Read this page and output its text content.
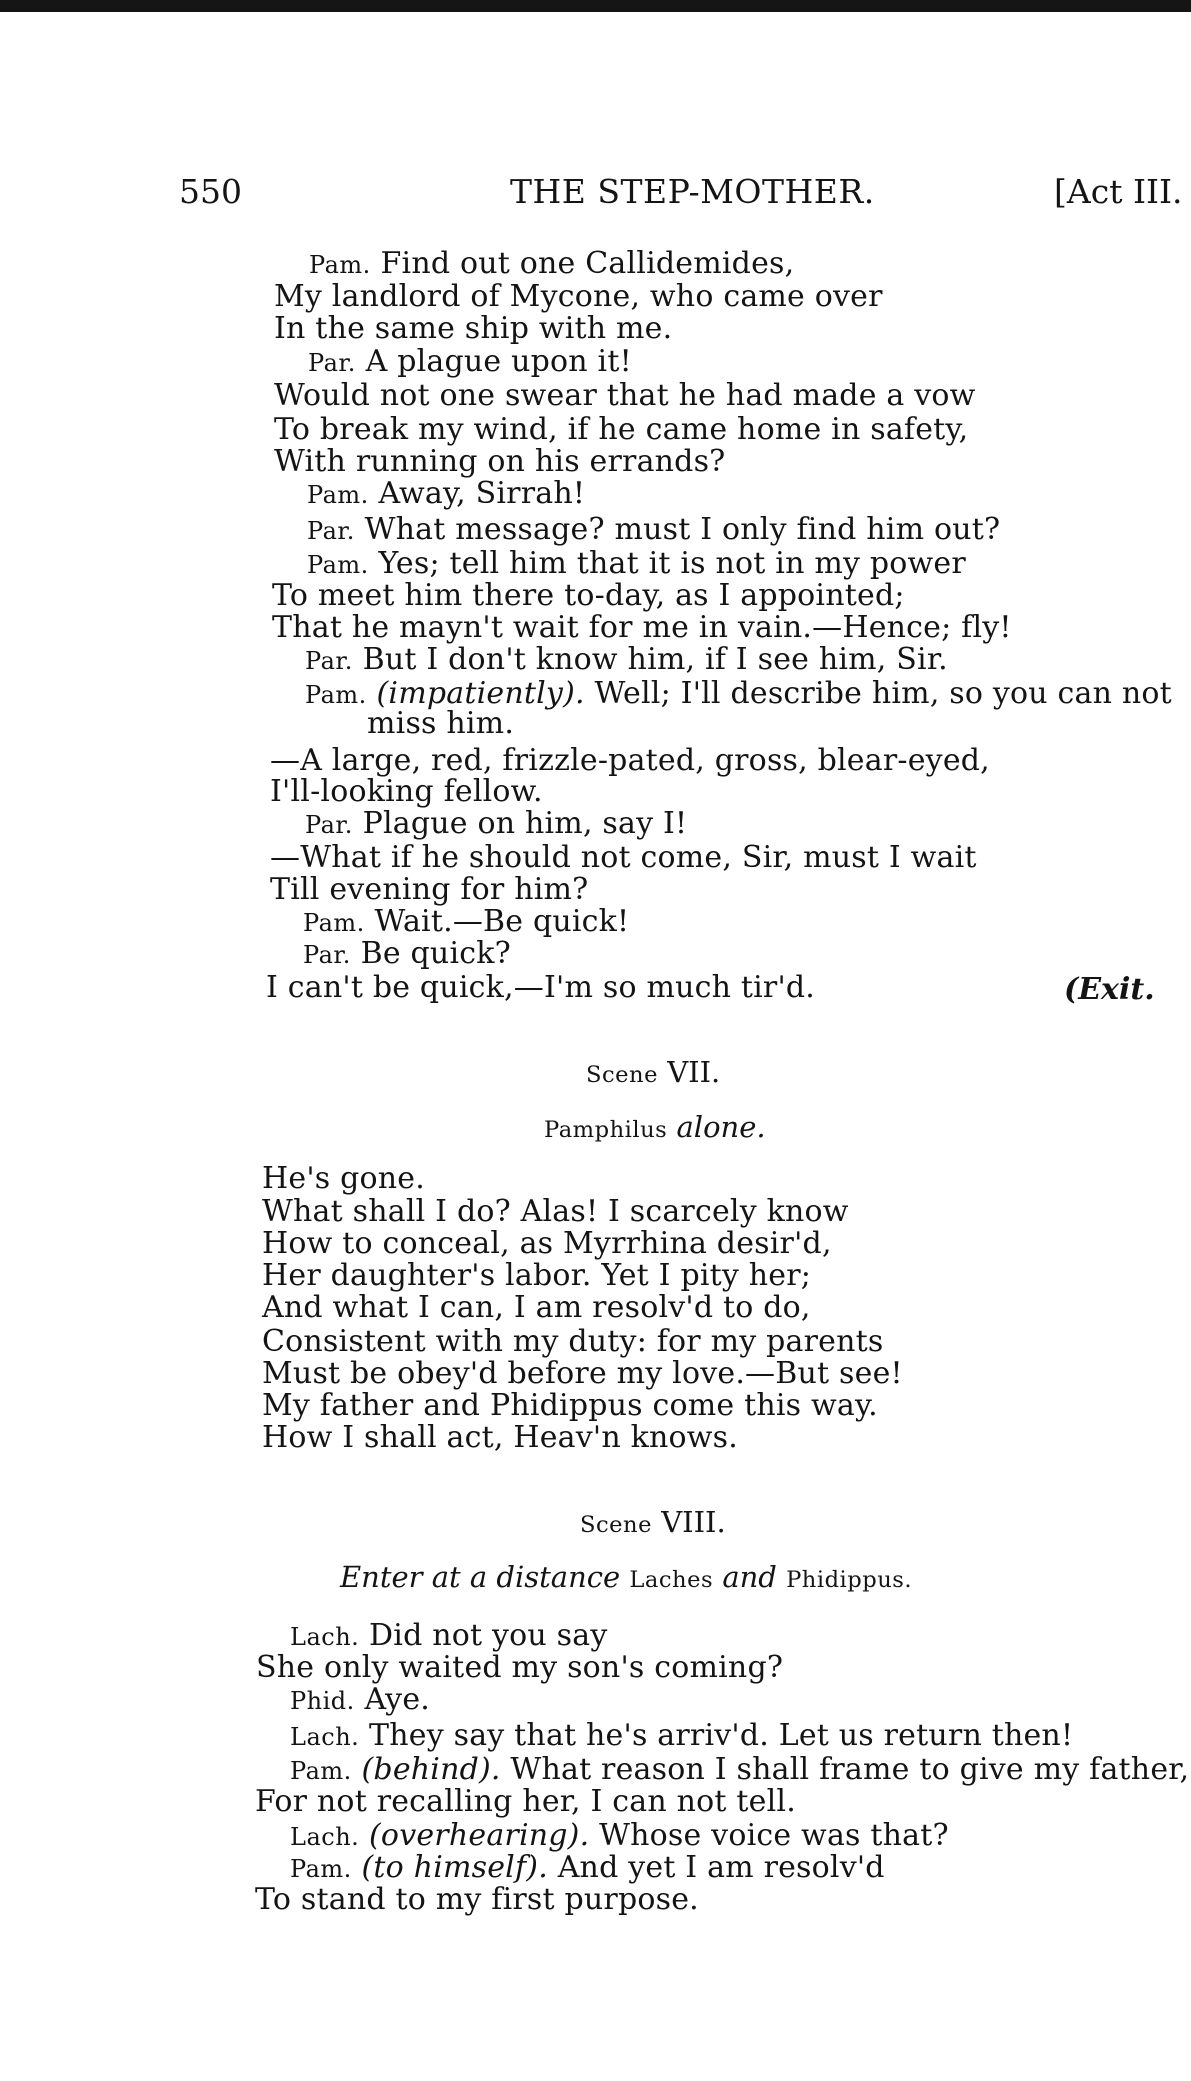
550	THE STEP-MOTHER.	[Act III.
Pam. Find out one Callidemides,
My landlord of Mycone, who came over
In the same ship with me.
Par. A plague upon it!
Would not one swear that he had made a vow
To break my wind, if he came home in safety,
With running on his errands?
Pam. Away, Sirrah!
Par. What message? must I only find him out?
Pam. Yes; tell him that it is not in my power
To meet him there to-day, as I appointed;
That he mayn't wait for me in vain.—Hence; fly!
Par. But I don't know him, if I see him, Sir.
Pam. (impatiently). Well; I'll describe him, so you can not
miss him.
—A large, red, frizzle-pated, gross, blear-eyed,
I'll-looking fellow.
Par. Plague on him, say I!
—What if he should not come, Sir, must I wait
Till evening for him?
Pam. Wait.—Be quick!
Par. Be quick?
I can't be quick,—I'm so much tir'd.	(Exit.
Scene VII.
Pamphilus alone.
He's gone.
What shall I do? Alas! I scarcely know
How to conceal, as Myrrhina desir'd,
Her daughter's labor. Yet I pity her;
And what I can, I am resolv'd to do,
Consistent with my duty: for my parents
Must be obey'd before my love.—But see!
My father and Phidippus come this way.
How I shall act, Heav'n knows.
Scene VIII.
Enter at a distance Laches and Phidippus.
Lach. Did not you say
She only waited my son's coming?
Phid. Aye.
Lach. They say that he's arriv'd. Let us return then!
Pam. (behind). What reason I shall frame to give my father,
For not recalling her, I can not tell.
Lach. (overhearing). Whose voice was that?
Pam. (to himself). And yet I am resolv'd
To stand to my first purpose.
